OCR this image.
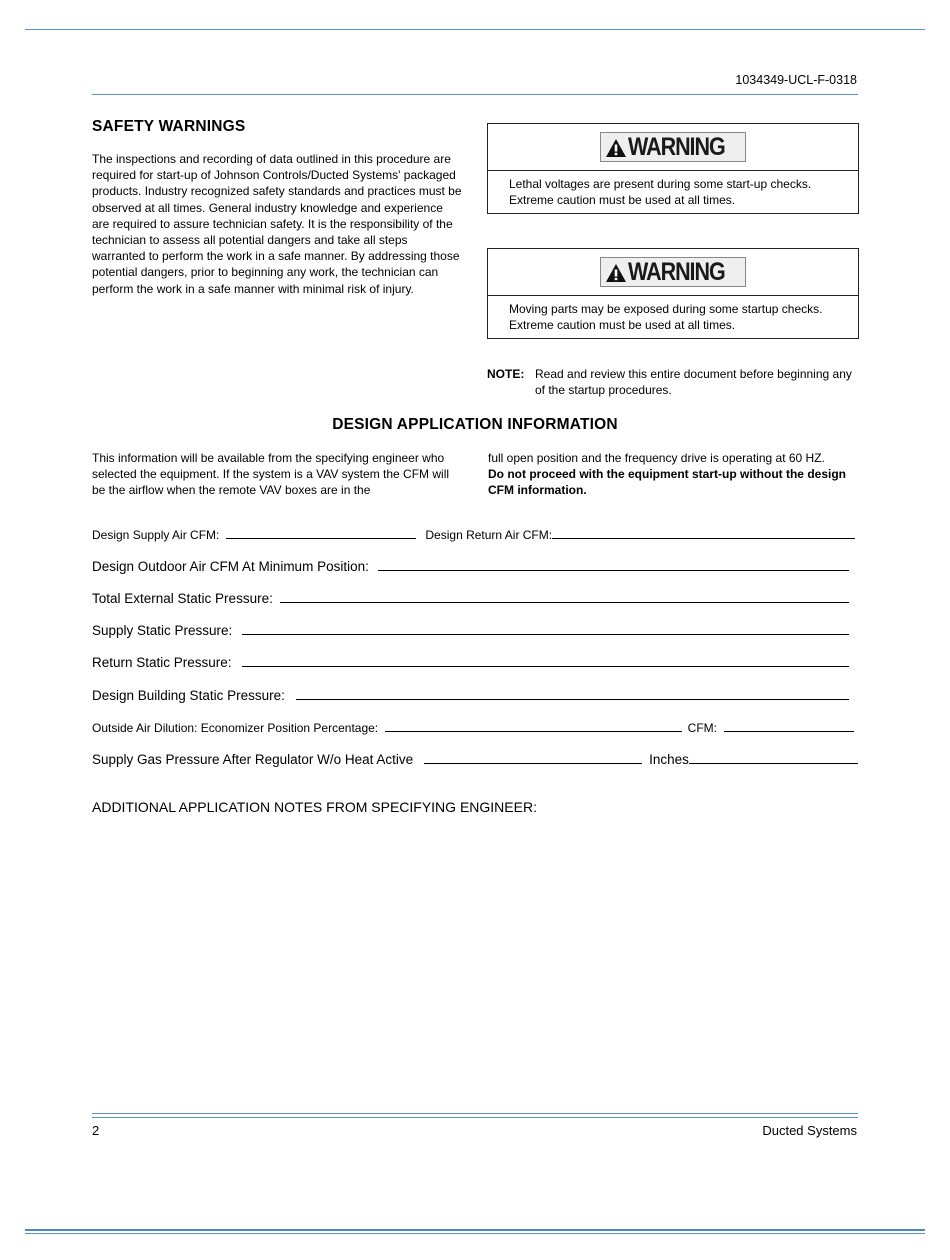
1034349-UCL-F-0318
SAFETY WARNINGS

The inspections and recording of data outlined in this procedure are required for start-up of Johnson Controls/Ducted Systems' packaged products. Industry recognized safety standards and practices must be observed at all times. General industry knowledge and experience are required to assure technician safety. It is the responsibility of the technician to assess all potential dangers and take all steps warranted to perform the work in a safe manner. By addressing those potential dangers, prior to beginning any work, the technician can perform the work in a safe manner with minimal risk of injury.

WARNING
Lethal voltages are present during some start-up checks. Extreme caution must be used at all times.
WARNING
Moving parts may be exposed during some startup checks. Extreme caution must be used at all times.
NOTE: Read and review this entire document before beginning any of the startup procedures.
DESIGN APPLICATION INFORMATION

This information will be available from the specifying engineer who selected the equipment. If the system is a VAV system the CFM will be the airflow when the remote VAV boxes are in the

full open position and the frequency drive is operating at 60 HZ.
Do not proceed with the equipment start-up without the design CFM information.
Design Supply Air CFM:	Design Return Air CFM:
Design Outdoor Air CFM At Minimum Position:
Total External Static Pressure:
Supply Static Pressure:
Return Static Pressure:
Design Building Static Pressure:
Outside Air Dilution: Economizer Position Percentage:	CFM:
Supply Gas Pressure After Regulator W/o Heat Active	Inches
ADDITIONAL APPLICATION NOTES FROM SPECIFYING ENGINEER:
2	Ducted Systems
